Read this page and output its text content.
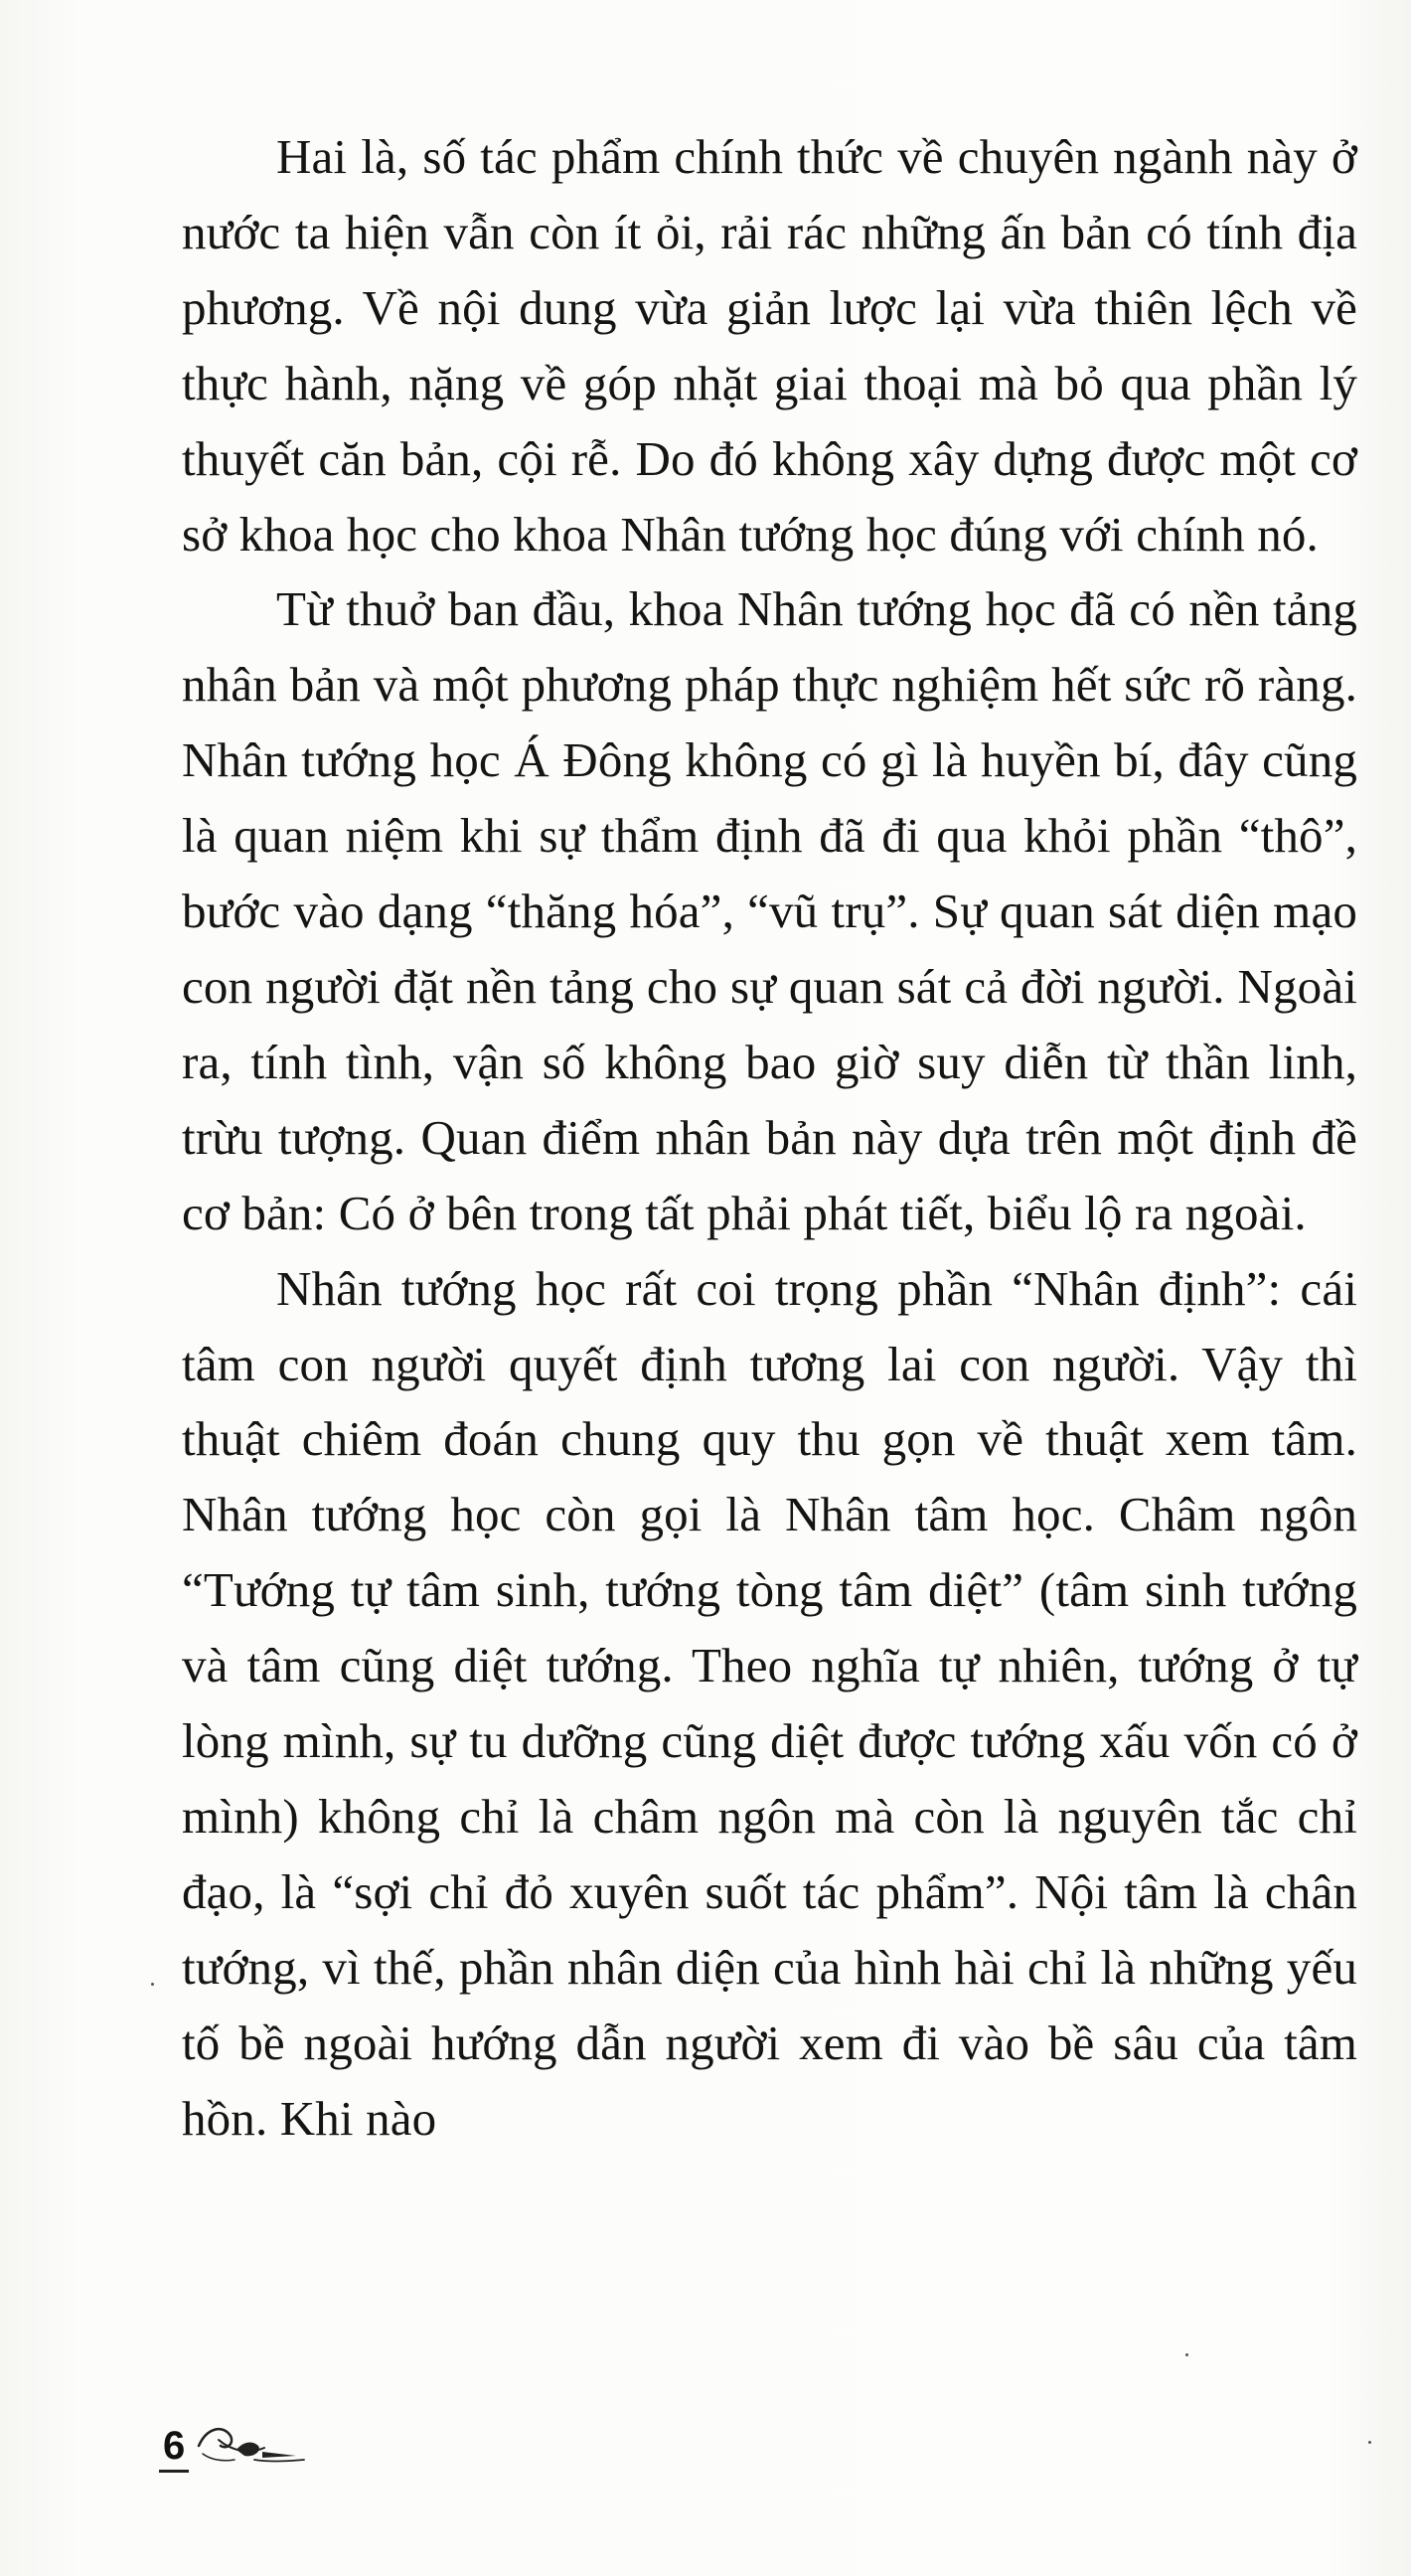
Hai là, số tác phẩm chính thức về chuyên ngành này ở nước ta hiện vẫn còn ít ỏi, rải rác những ấn bản có tính địa phương. Về nội dung vừa giản lược lại vừa thiên lệch về thực hành, nặng về góp nhặt giai thoại mà bỏ qua phần lý thuyết căn bản, cội rễ. Do đó không xây dựng được một cơ sở khoa học cho khoa Nhân tướng học đúng với chính nó.

Từ thuở ban đầu, khoa Nhân tướng học đã có nền tảng nhân bản và một phương pháp thực nghiệm hết sức rõ ràng. Nhân tướng học Á Đông không có gì là huyền bí, đây cũng là quan niệm khi sự thẩm định đã đi qua khỏi phần “thô”, bước vào dạng “thăng hóa”, “vũ trụ”. Sự quan sát diện mạo con người đặt nền tảng cho sự quan sát cả đời người. Ngoài ra, tính tình, vận số không bao giờ suy diễn từ thần linh, trừu tượng. Quan điểm nhân bản này dựa trên một định đề cơ bản: Có ở bên trong tất phải phát tiết, biểu lộ ra ngoài.

Nhân tướng học rất coi trọng phần “Nhân định”: cái tâm con người quyết định tương lai con người. Vậy thì thuật chiêm đoán chung quy thu gọn về thuật xem tâm. Nhân tướng học còn gọi là Nhân tâm học. Châm ngôn “Tướng tự tâm sinh, tướng tòng tâm diệt” (tâm sinh tướng và tâm cũng diệt tướng. Theo nghĩa tự nhiên, tướng ở tự lòng mình, sự tu dưỡng cũng diệt được tướng xấu vốn có ở mình) không chỉ là châm ngôn mà còn là nguyên tắc chỉ đạo, là “sợi chỉ đỏ xuyên suốt tác phẩm”. Nội tâm là chân tướng, vì thế, phần nhân diện của hình hài chỉ là những yếu tố bề ngoài hướng dẫn người xem đi vào bề sâu của tâm hồn. Khi nào

6
